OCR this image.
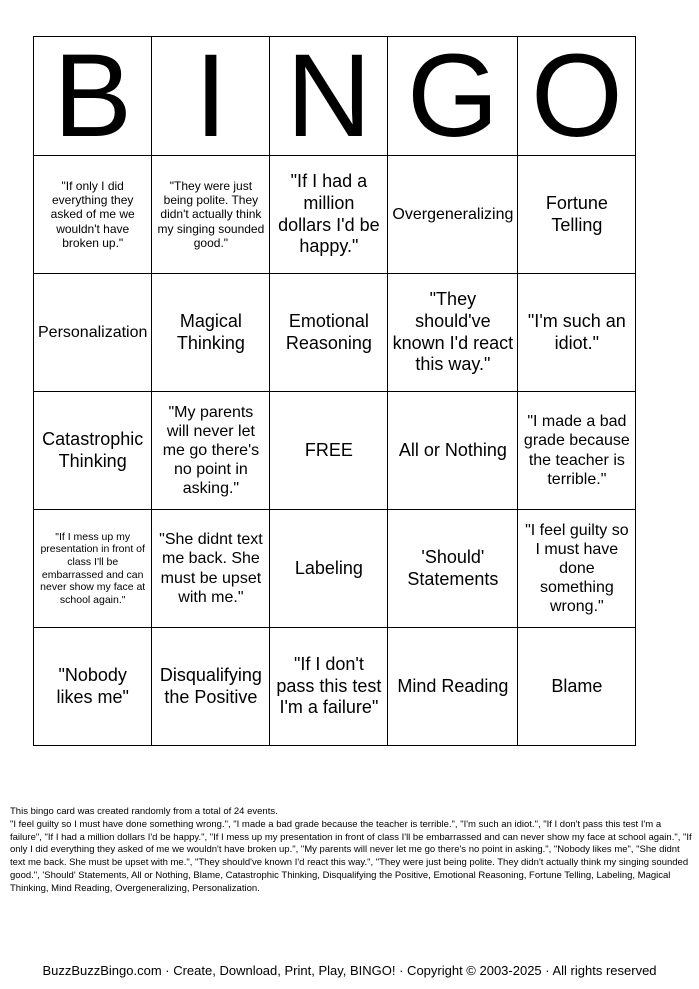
B	I	N	G	O
"If only I did everything they asked of me we wouldn't have broken up."	"They were just being polite. They didn't actually think my singing sounded good."	"If I had a million dollars I'd be happy."	Overgeneralizing	Fortune Telling
Personalization	Magical Thinking	Emotional Reasoning	"They should've known I'd react this way."	"I'm such an idiot."
Catastrophic Thinking	"My parents will never let me go there's no point in asking."	FREE	All or Nothing	"I made a bad grade because the teacher is terrible."
"If I mess up my presentation in front of class I'll be embarrassed and can never show my face at school again."	"She didnt text me back. She must be upset with me."	Labeling	'Should' Statements	"I feel guilty so I must have done something wrong."
"Nobody likes me"	Disqualifying the Positive	"If I don't pass this test I'm a failure"	Mind Reading	Blame
This bingo card was created randomly from a total of 24 events.
"I feel guilty so I must have done something wrong.", "I made a bad grade because the teacher is terrible.", "I'm such an idiot.", "If I don't pass this test I'm a failure", "If I had a million dollars I'd be happy.", "If I mess up my presentation in front of class I'll be embarrassed and can never show my face at school again.", "If only I did everything they asked of me we wouldn't have broken up.", "My parents will never let me go there's no point in asking.", "Nobody likes me", "She didnt text me back. She must be upset with me.", "They should've known I'd react this way.", "They were just being polite. They didn't actually think my singing sounded good.", 'Should' Statements, All or Nothing, Blame, Catastrophic Thinking, Disqualifying the Positive, Emotional Reasoning, Fortune Telling, Labeling, Magical Thinking, Mind Reading, Overgeneralizing, Personalization.
BuzzBuzzBingo.com · Create, Download, Print, Play, BINGO! · Copyright © 2003-2025 · All rights reserved
